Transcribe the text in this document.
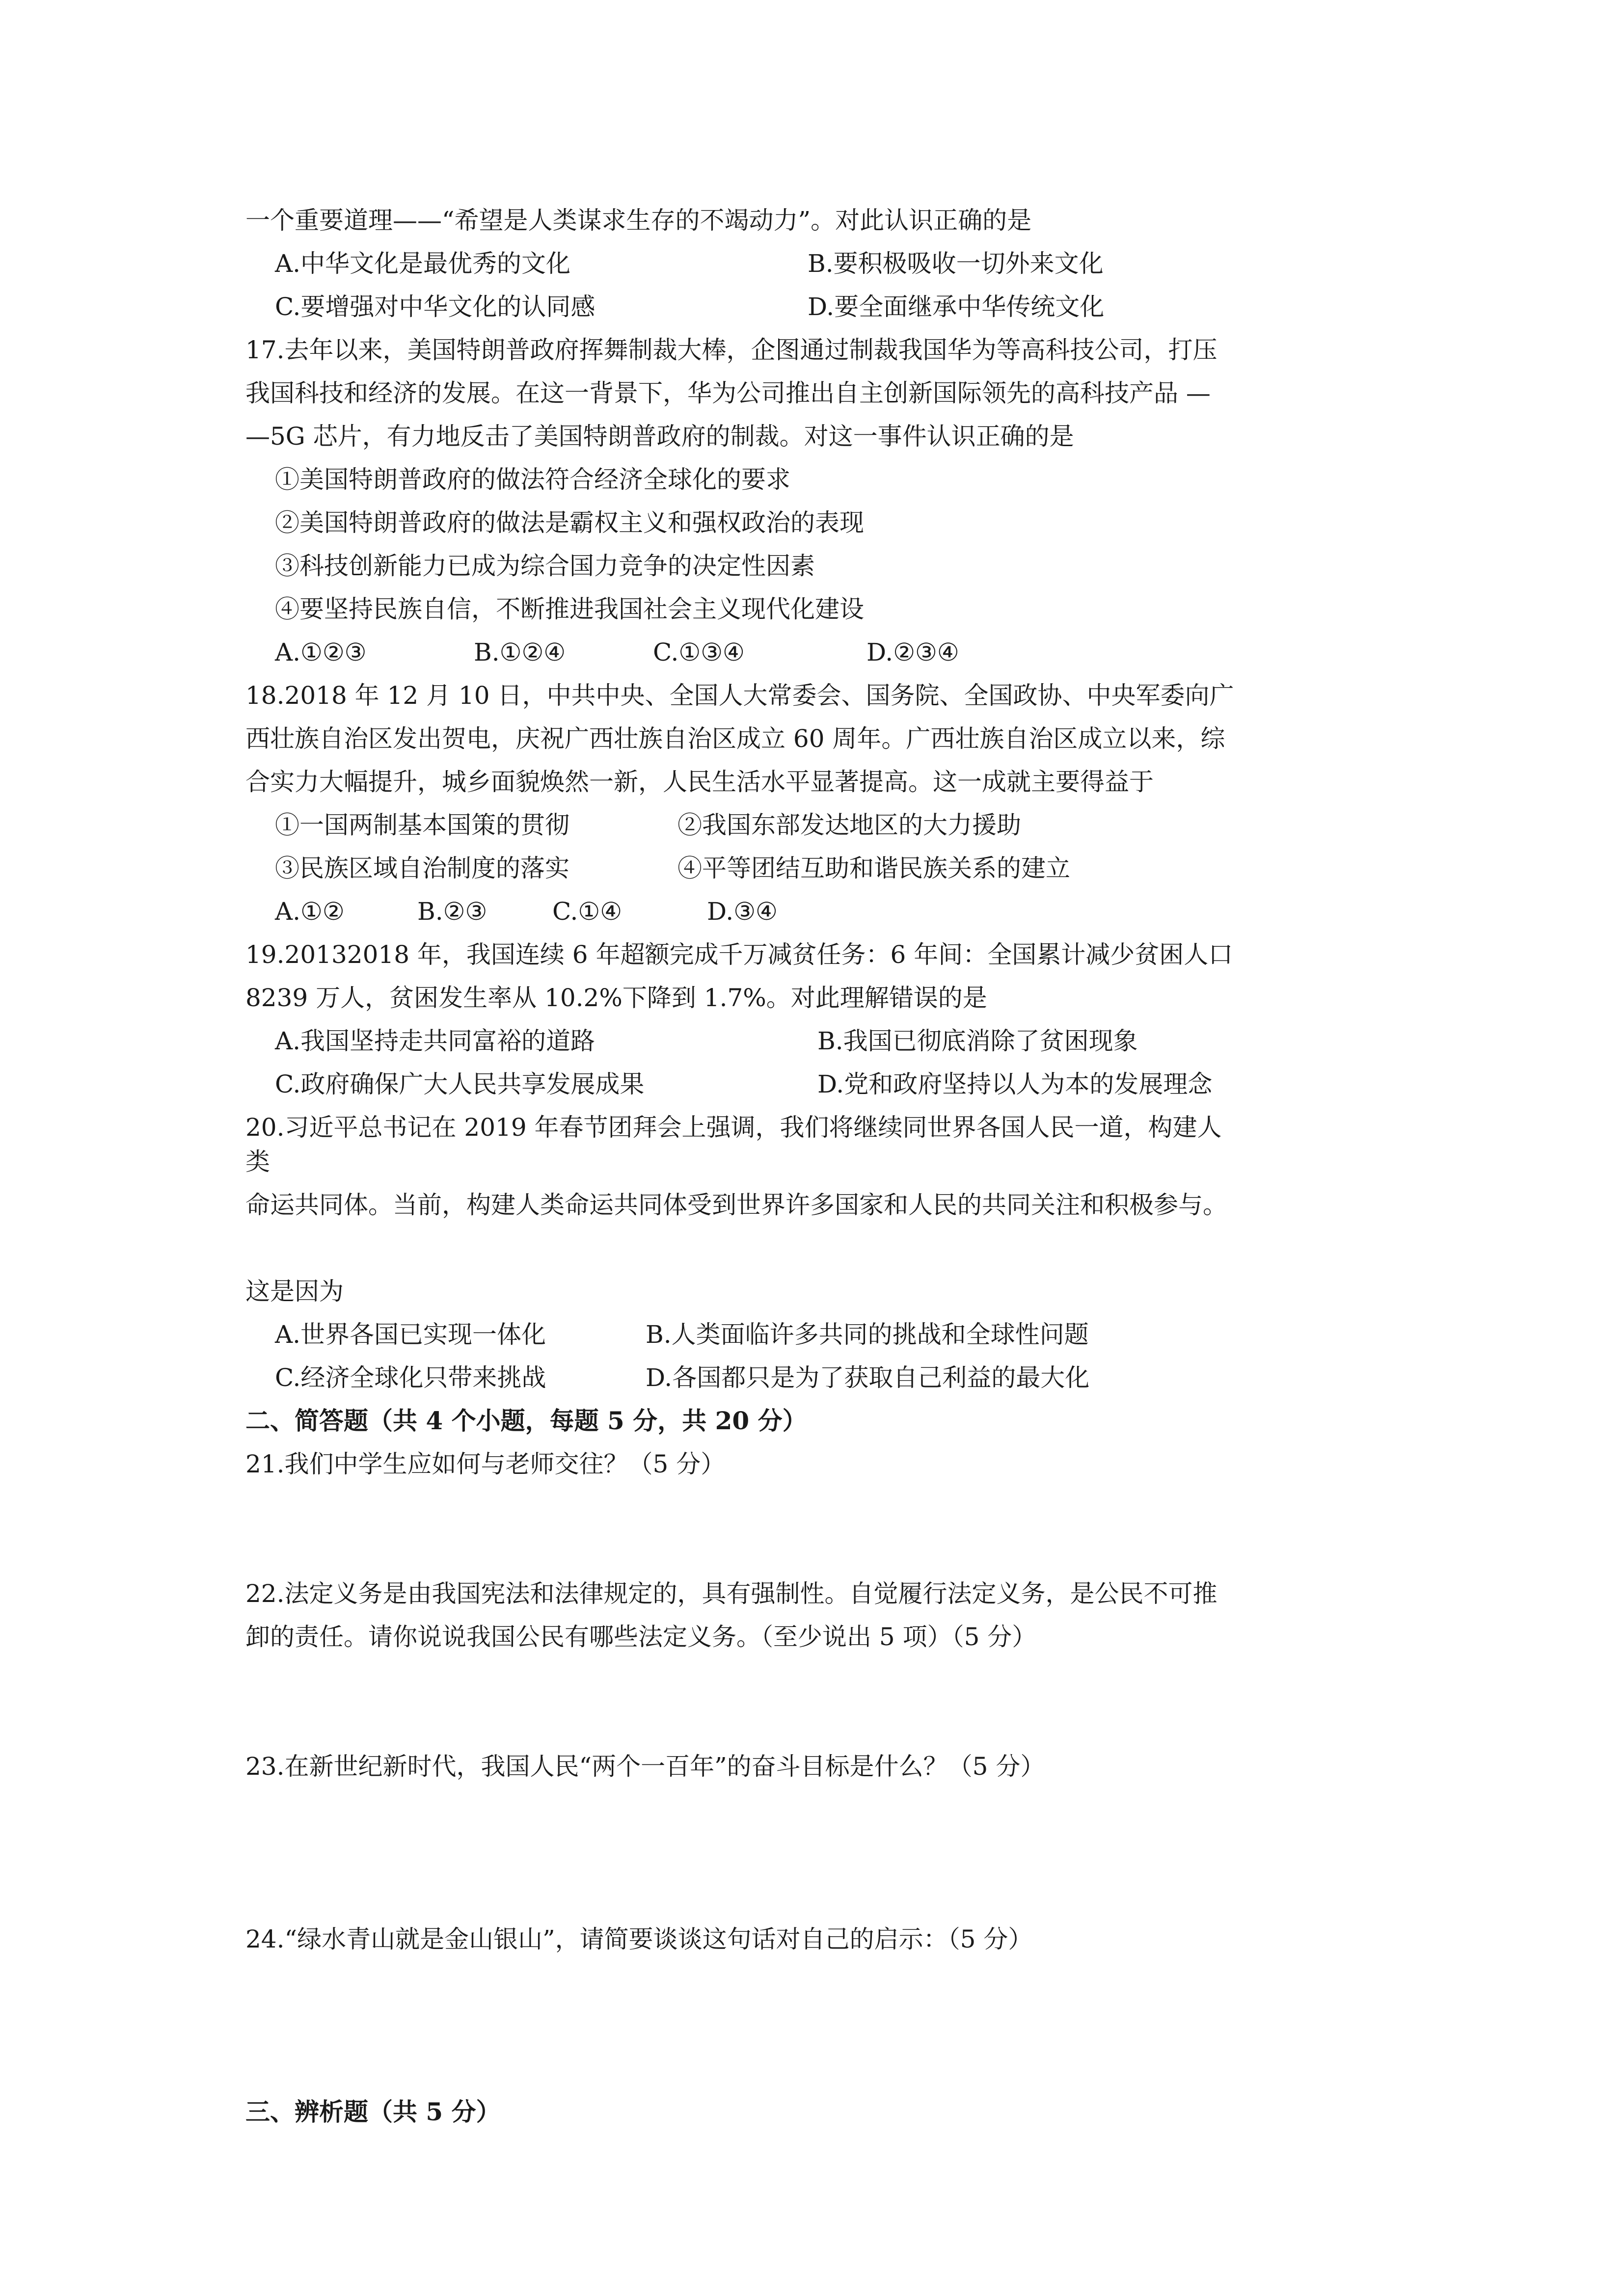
一个重要道理——“希望是人类谋求生存的不竭动力”。对此认识正确的是
A.中华文化是最优秀的文化	B.要积极吸收一切外来文化
C.要增强对中华文化的认同感	D.要全面继承中华传统文化
17.去年以来，美国特朗普政府挥舞制裁大棒，企图通过制裁我国华为等高科技公司，打压
我国科技和经济的发展。在这一背景下，华为公司推出自主创新国际领先的高科技产品 —
—5G 芯片，有力地反击了美国特朗普政府的制裁。对这一事件认识正确的是
①美国特朗普政府的做法符合经济全球化的要求
②美国特朗普政府的做法是霸权主义和强权政治的表现
③科技创新能力已成为综合国力竞争的决定性因素
④要坚持民族自信，不断推进我国社会主义现代化建设
A.①②③	B.①②④	C.①③④	D.②③④
18.2018 年 12 月 10 日，中共中央、全国人大常委会、国务院、全国政协、中央军委向广
西壮族自治区发出贺电，庆祝广西壮族自治区成立 60 周年。广西壮族自治区成立以来，综
合实力大幅提升，城乡面貌焕然一新，人民生活水平显著提高。这一成就主要得益于
①一国两制基本国策的贯彻	②我国东部发达地区的大力援助
③民族区域自治制度的落实	④平等团结互助和谐民族关系的建立
A.①②	B.②③	C.①④	D.③④
19.20132018 年，我国连续 6 年超额完成千万减贫任务：6 年间：全国累计减少贫困人口
8239 万人，贫困发生率从 10.2%下降到 1.7%。对此理解错误的是
A.我国坚持走共同富裕的道路	B.我国已彻底消除了贫困现象
C.政府确保广大人民共享发展成果	D.党和政府坚持以人为本的发展理念
20.习近平总书记在 2019 年春节团拜会上强调，我们将继续同世界各国人民一道，构建人
类
命运共同体。当前，构建人类命运共同体受到世界许多国家和人民的共同关注和积极参与。
这是因为
A.世界各国已实现一体化	B.人类面临许多共同的挑战和全球性问题
C.经济全球化只带来挑战	D.各国都只是为了获取自己利益的最大化
二、简答题（共 4 个小题，每题 5 分，共 20 分）
21.我们中学生应如何与老师交往？（5 分）
22.法定义务是由我国宪法和法律规定的，具有强制性。自觉履行法定义务，是公民不可推
卸的责任。请你说说我国公民有哪些法定义务。（至少说出 5 项）（5 分）
23.在新世纪新时代，我国人民“两个一百年”的奋斗目标是什么？（5 分）
24.“绿水青山就是金山银山”，请简要谈谈这句话对自己的启示：（5 分）
三、辨析题（共 5 分）
